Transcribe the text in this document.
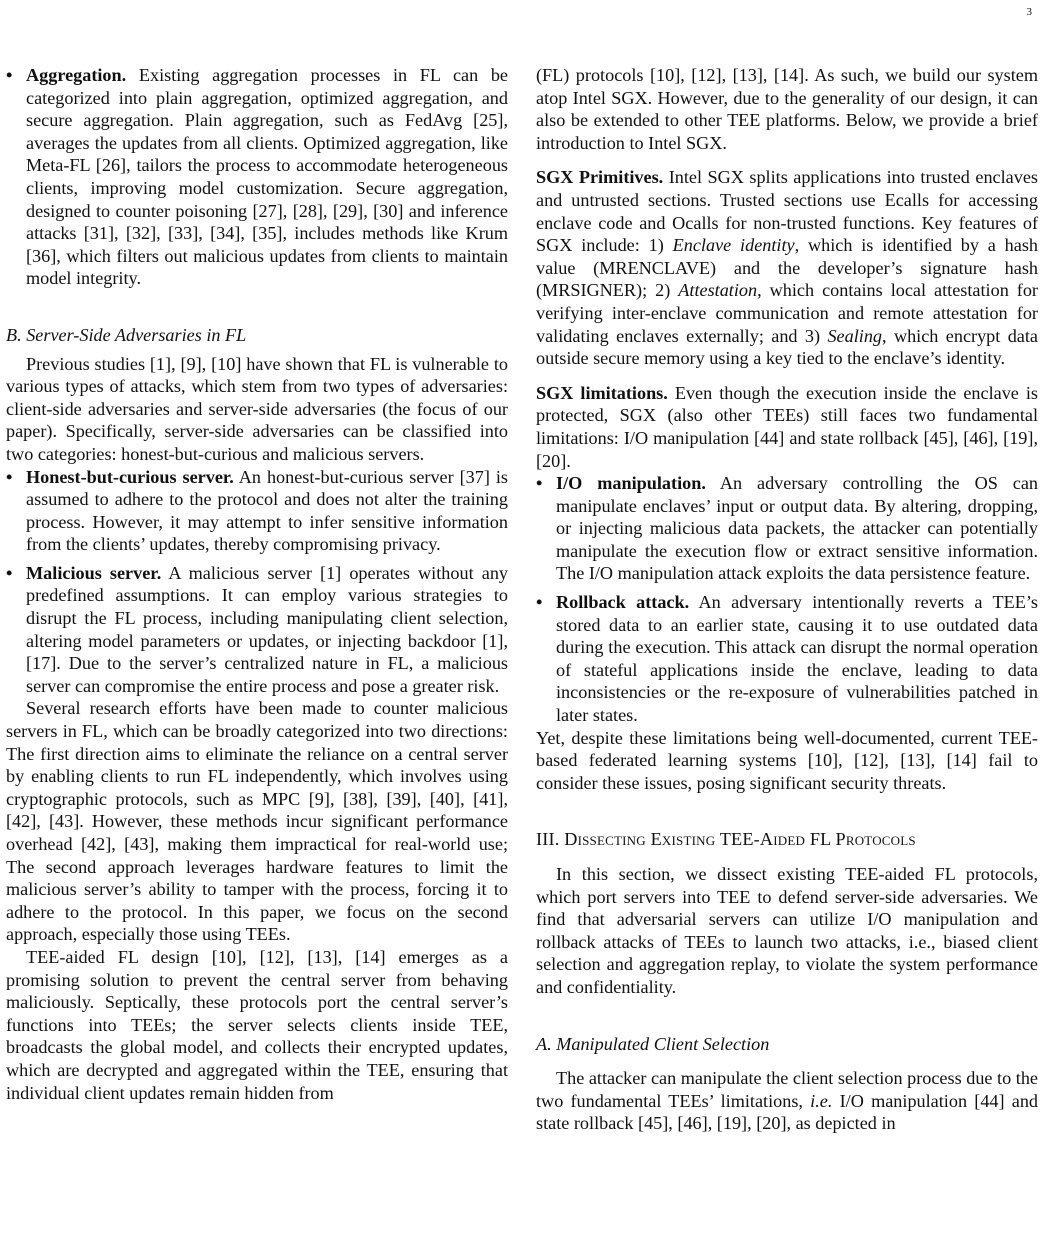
3
• Aggregation. Existing aggregation processes in FL can be categorized into plain aggregation, optimized aggregation, and secure aggregation. Plain aggregation, such as FedAvg [25], averages the updates from all clients. Optimized aggregation, like Meta-FL [26], tailors the process to accommodate heterogeneous clients, improving model customization. Secure aggregation, designed to counter poisoning [27], [28], [29], [30] and inference attacks [31], [32], [33], [34], [35], includes methods like Krum [36], which filters out malicious updates from clients to maintain model integrity.

B. Server-Side Adversaries in FL

Previous studies [1], [9], [10] have shown that FL is vulnerable to various types of attacks, which stem from two types of adversaries: client-side adversaries and server-side adversaries (the focus of our paper). Specifically, server-side adversaries can be classified into two categories: honest-but-curious and malicious servers.

• Honest-but-curious server. An honest-but-curious server [37] is assumed to adhere to the protocol and does not alter the training process. However, it may attempt to infer sensitive information from the clients’ updates, thereby compromising privacy.
• Malicious server. A malicious server [1] operates without any predefined assumptions. It can employ various strategies to disrupt the FL process, including manipulating client selection, altering model parameters or updates, or injecting backdoor [1], [17]. Due to the server’s centralized nature in FL, a malicious server can compromise the entire process and pose a greater risk.

Several research efforts have been made to counter malicious servers in FL, which can be broadly categorized into two directions: The first direction aims to eliminate the reliance on a central server by enabling clients to run FL independently, which involves using cryptographic protocols, such as MPC [9], [38], [39], [40], [41], [42], [43]. However, these methods incur significant performance overhead [42], [43], making them impractical for real-world use; The second approach leverages hardware features to limit the malicious server’s ability to tamper with the process, forcing it to adhere to the protocol. In this paper, we focus on the second approach, especially those using TEEs.

TEE-aided FL design [10], [12], [13], [14] emerges as a promising solution to prevent the central server from behaving maliciously. Septically, these protocols port the central server’s functions into TEEs; the server selects clients inside TEE, broadcasts the global model, and collects their encrypted updates, which are decrypted and aggregated within the TEE, ensuring that individual client updates remain hidden from

(FL) protocols [10], [12], [13], [14]. As such, we build our system atop Intel SGX. However, due to the generality of our design, it can also be extended to other TEE platforms. Below, we provide a brief introduction to Intel SGX.

SGX Primitives. Intel SGX splits applications into trusted enclaves and untrusted sections. Trusted sections use Ecalls for accessing enclave code and Ocalls for non-trusted functions. Key features of SGX include: 1) Enclave identity, which is identified by a hash value (MRENCLAVE) and the developer’s signature hash (MRSIGNER); 2) Attestation, which contains local attestation for verifying inter-enclave communication and remote attestation for validating enclaves externally; and 3) Sealing, which encrypt data outside secure memory using a key tied to the enclave’s identity.

SGX limitations. Even though the execution inside the enclave is protected, SGX (also other TEEs) still faces two fundamental limitations: I/O manipulation [44] and state rollback [45], [46], [19], [20].

• I/O manipulation. An adversary controlling the OS can manipulate enclaves’ input or output data. By altering, dropping, or injecting malicious data packets, the attacker can potentially manipulate the execution flow or extract sensitive information. The I/O manipulation attack exploits the data persistence feature.
• Rollback attack. An adversary intentionally reverts a TEE’s stored data to an earlier state, causing it to use outdated data during the execution. This attack can disrupt the normal operation of stateful applications inside the enclave, leading to data inconsistencies or the re-exposure of vulnerabilities patched in later states.

Yet, despite these limitations being well-documented, current TEE-based federated learning systems [10], [12], [13], [14] fail to consider these issues, posing significant security threats.

III. Dissecting Existing TEE-Aided FL Protocols

In this section, we dissect existing TEE-aided FL protocols, which port servers into TEE to defend server-side adversaries. We find that adversarial servers can utilize I/O manipulation and rollback attacks of TEEs to launch two attacks, i.e., biased client selection and aggregation replay, to violate the system performance and confidentiality.

A. Manipulated Client Selection

The attacker can manipulate the client selection process due to the two fundamental TEEs’ limitations, i.e. I/O manipulation [44] and state rollback [45], [46], [19], [20], as depicted in
